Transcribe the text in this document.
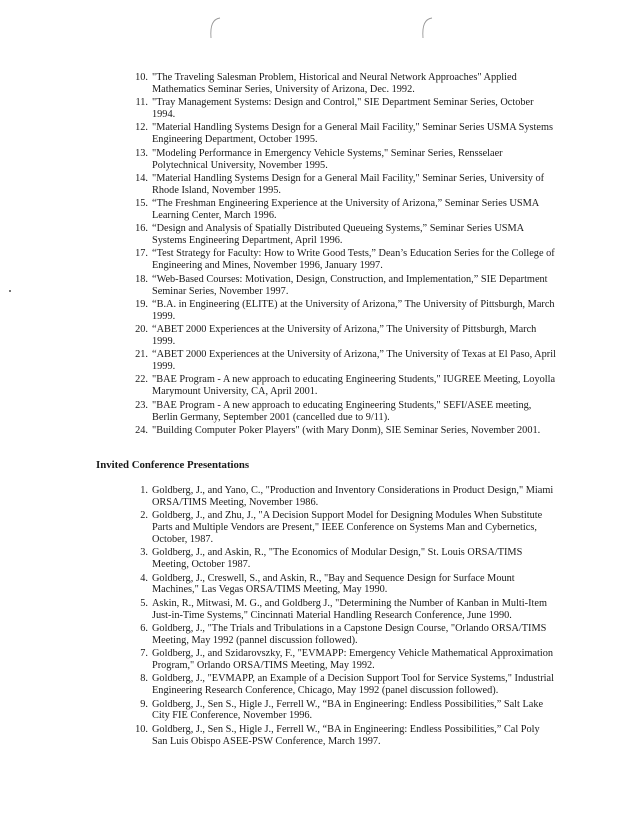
10. "The Traveling Salesman Problem, Historical and Neural Network Approaches" Applied Mathematics Seminar Series, University of Arizona, Dec. 1992.
11. "Tray Management Systems: Design and Control," SIE Department Seminar Series, October 1994.
12. "Material Handling Systems Design for a General Mail Facility," Seminar Series USMA Systems Engineering Department, October 1995.
13. "Modeling Performance in Emergency Vehicle Systems," Seminar Series, Rensselaer Polytechnical University, November 1995.
14. "Material Handling Systems Design for a General Mail Facility," Seminar Series, University of Rhode Island, November 1995.
15. “The Freshman Engineering Experience at the University of Arizona,” Seminar Series USMA Learning Center, March 1996.
16. “Design and Analysis of Spatially Distributed Queueing Systems,” Seminar Series USMA Systems Engineering Department, April 1996.
17. “Test Strategy for Faculty: How to Write Good Tests,” Dean’s Education Series for the College of Engineering and Mines, November 1996, January 1997.
18. “Web-Based Courses: Motivation, Design, Construction, and Implementation,” SIE Department Seminar Series, November 1997.
19. “B.A. in Engineering (ELITE) at the University of Arizona,” The University of Pittsburgh, March 1999.
20. “ABET 2000 Experiences at the University of Arizona,” The University of Pittsburgh, March 1999.
21. “ABET 2000 Experiences at the University of Arizona,” The University of Texas at El Paso, April 1999.
22. "BAE Program - A new approach to educating Engineering Students," IUGREE Meeting, Loyolla Marymount University, CA, April 2001.
23. "BAE Program - A new approach to educating Engineering Students," SEFI/ASEE meeting, Berlin Germany, September 2001 (cancelled due to 9/11).
24. "Building Computer Poker Players" (with Mary Donm), SIE Seminar Series, November 2001.
Invited Conference Presentations
1. Goldberg, J., and Yano, C., "Production and Inventory Considerations in Product Design," Miami ORSA/TIMS Meeting, November 1986.
2. Goldberg, J., and Zhu, J., "A Decision Support Model for Designing Modules When Substitute Parts and Multiple Vendors are Present," IEEE Conference on Systems Man and Cybernetics, October, 1987.
3. Goldberg, J., and Askin, R., "The Economics of Modular Design," St. Louis ORSA/TIMS Meeting, October 1987.
4. Goldberg, J., Creswell, S., and Askin, R., "Bay and Sequence Design for Surface Mount Machines," Las Vegas ORSA/TIMS Meeting, May 1990.
5. Askin, R., Mitwasi, M. G., and Goldberg J., "Determining the Number of Kanban in Multi-Item Just-in-Time Systems," Cincinnati Material Handling Research Conference, June 1990.
6. Goldberg, J., "The Trials and Tribulations in a Capstone Design Course, "Orlando ORSA/TIMS Meeting, May 1992 (pannel discussion followed).
7. Goldberg, J., and Szidarovszky, F., "EVMAPP: Emergency Vehicle Mathematical Approximation Program," Orlando ORSA/TIMS Meeting, May 1992.
8. Goldberg, J., "EVMAPP, an Example of a Decision Support Tool for Service Systems," Industrial Engineering Research Conference, Chicago, May 1992 (panel discussion followed).
9. Goldberg, J., Sen S., Higle J., Ferrell W., “BA in Engineering: Endless Possibilities,” Salt Lake City FIE Conference, November 1996.
10. Goldberg, J., Sen S., Higle J., Ferrell W., “BA in Engineering: Endless Possibilities,” Cal Poly San Luis Obispo ASEE-PSW Conference, March 1997.
